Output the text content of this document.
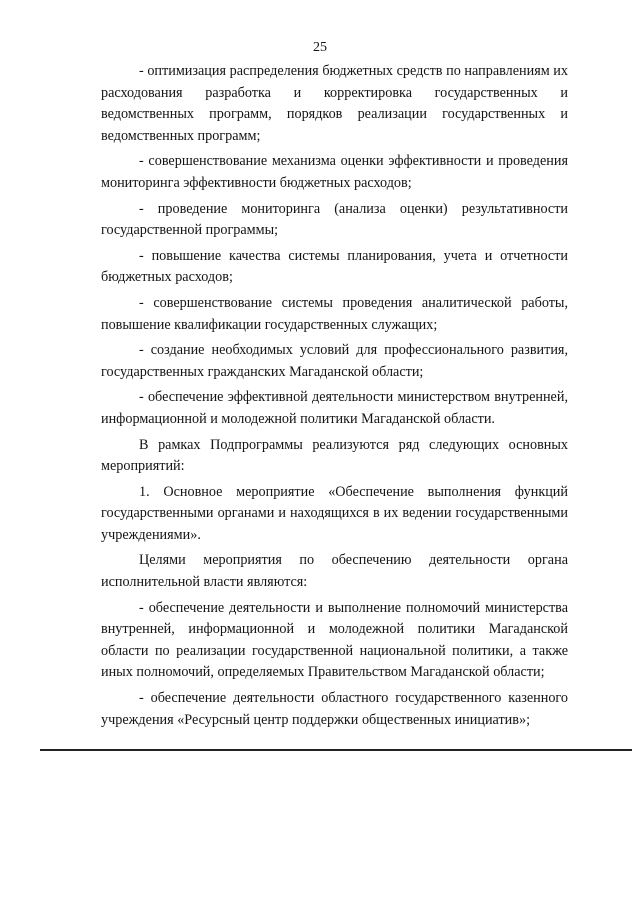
25

- оптимизация распределения бюджетных средств по направлениям их расходования разработка и корректировка государственных и ведомственных программ, порядков реализации государственных и ведомственных программ;

- совершенствование механизма оценки эффективности и проведения мониторинга эффективности бюджетных расходов;

- проведение мониторинга (анализа оценки) результативности государственной программы;

- повышение качества системы планирования, учета и отчетности бюджетных расходов;

- совершенствование системы проведения аналитической работы, повышение квалификации государственных служащих;

- создание необходимых условий для профессионального развития, государственных гражданских Магаданской области;

- обеспечение эффективной деятельности министерством внутренней, информационной и молодежной политики Магаданской области.

В рамках Подпрограммы реализуются ряд следующих основных мероприятий:

1. Основное мероприятие «Обеспечение выполнения функций государственными органами и находящихся в их ведении государственными учреждениями».

Целями мероприятия по обеспечению деятельности органа исполнительной власти являются:

- обеспечение деятельности и выполнение полномочий министерства внутренней, информационной и молодежной политики Магаданской области по реализации государственной национальной политики, а также иных полномочий, определяемых Правительством Магаданской области;

- обеспечение деятельности областного государственного казенного учреждения «Ресурсный центр поддержки общественных инициатив»;
